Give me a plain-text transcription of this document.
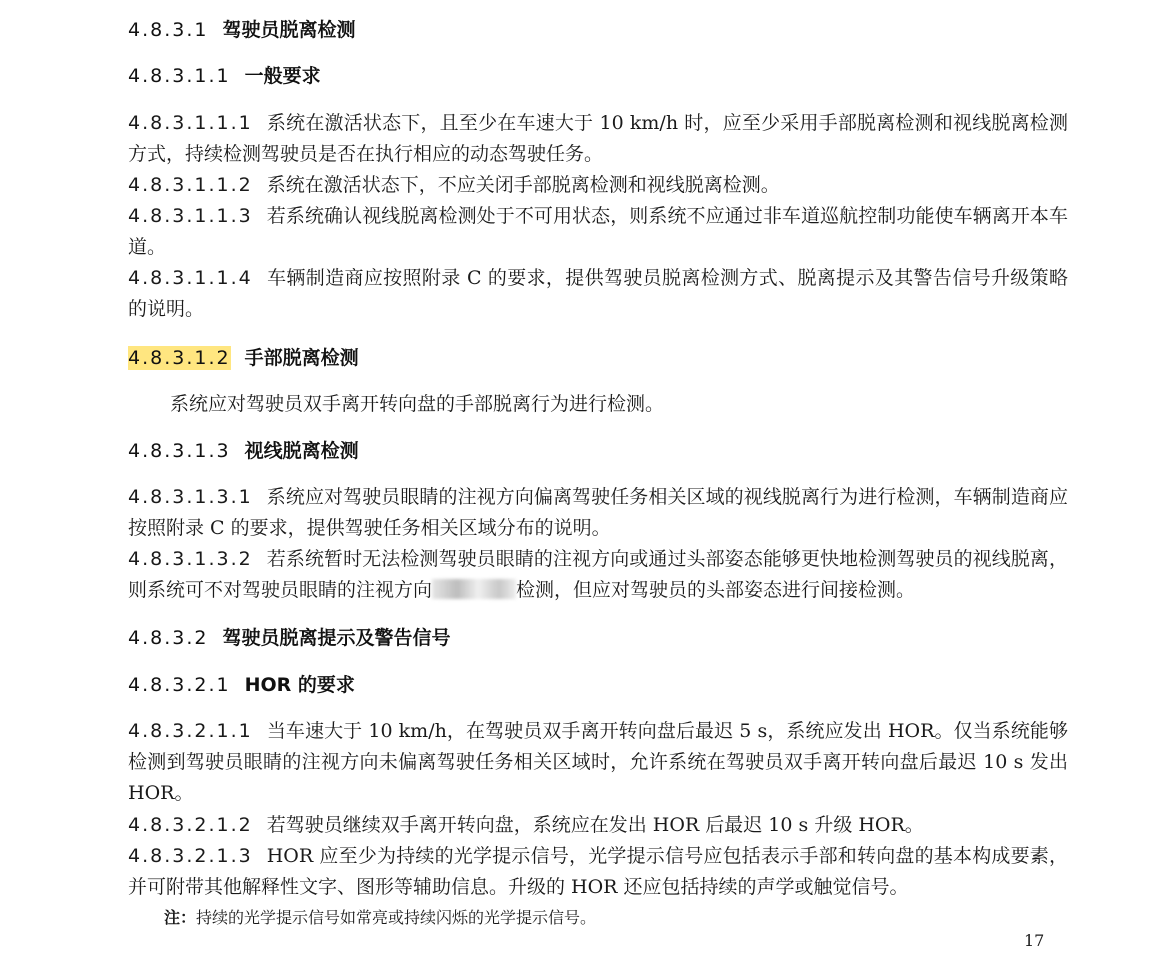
4.8.3.1 驾驶员脱离检测
4.8.3.1.1 一般要求
4.8.3.1.1.1 系统在激活状态下，且至少在车速大于 10 km/h 时，应至少采用手部脱离检测和视线脱离检测方式，持续检测驾驶员是否在执行相应的动态驾驶任务。
4.8.3.1.1.2 系统在激活状态下，不应关闭手部脱离检测和视线脱离检测。
4.8.3.1.1.3 若系统确认视线脱离检测处于不可用状态，则系统不应通过非车道巡航控制功能使车辆离开本车道。
4.8.3.1.1.4 车辆制造商应按照附录 C 的要求，提供驾驶员脱离检测方式、脱离提示及其警告信号升级策略的说明。
4.8.3.1.2 手部脱离检测
系统应对驾驶员双手离开转向盘的手部脱离行为进行检测。
4.8.3.1.3 视线脱离检测
4.8.3.1.3.1 系统应对驾驶员眼睛的注视方向偏离驾驶任务相关区域的视线脱离行为进行检测，车辆制造商应按照附录 C 的要求，提供驾驶任务相关区域分布的说明。
4.8.3.1.3.2 若系统暂时无法检测驾驶员眼睛的注视方向或通过头部姿态能够更快地检测驾驶员的视线脱离，则系统可不对驾驶员眼睛的注视方向	检测，但应对驾驶员的头部姿态进行间接检测。
4.8.3.2 驾驶员脱离提示及警告信号
4.8.3.2.1 HOR 的要求
4.8.3.2.1.1 当车速大于 10 km/h，在驾驶员双手离开转向盘后最迟 5 s，系统应发出 HOR。仅当系统能够检测到驾驶员眼睛的注视方向未偏离驾驶任务相关区域时，允许系统在驾驶员双手离开转向盘后最迟 10 s 发出 HOR。
4.8.3.2.1.2 若驾驶员继续双手离开转向盘，系统应在发出 HOR 后最迟 10 s 升级 HOR。
4.8.3.2.1.3 HOR 应至少为持续的光学提示信号，光学提示信号应包括表示手部和转向盘的基本构成要素，并可附带其他解释性文字、图形等辅助信息。升级的 HOR 还应包括持续的声学或触觉信号。
注：持续的光学提示信号如常亮或持续闪烁的光学提示信号。
17
